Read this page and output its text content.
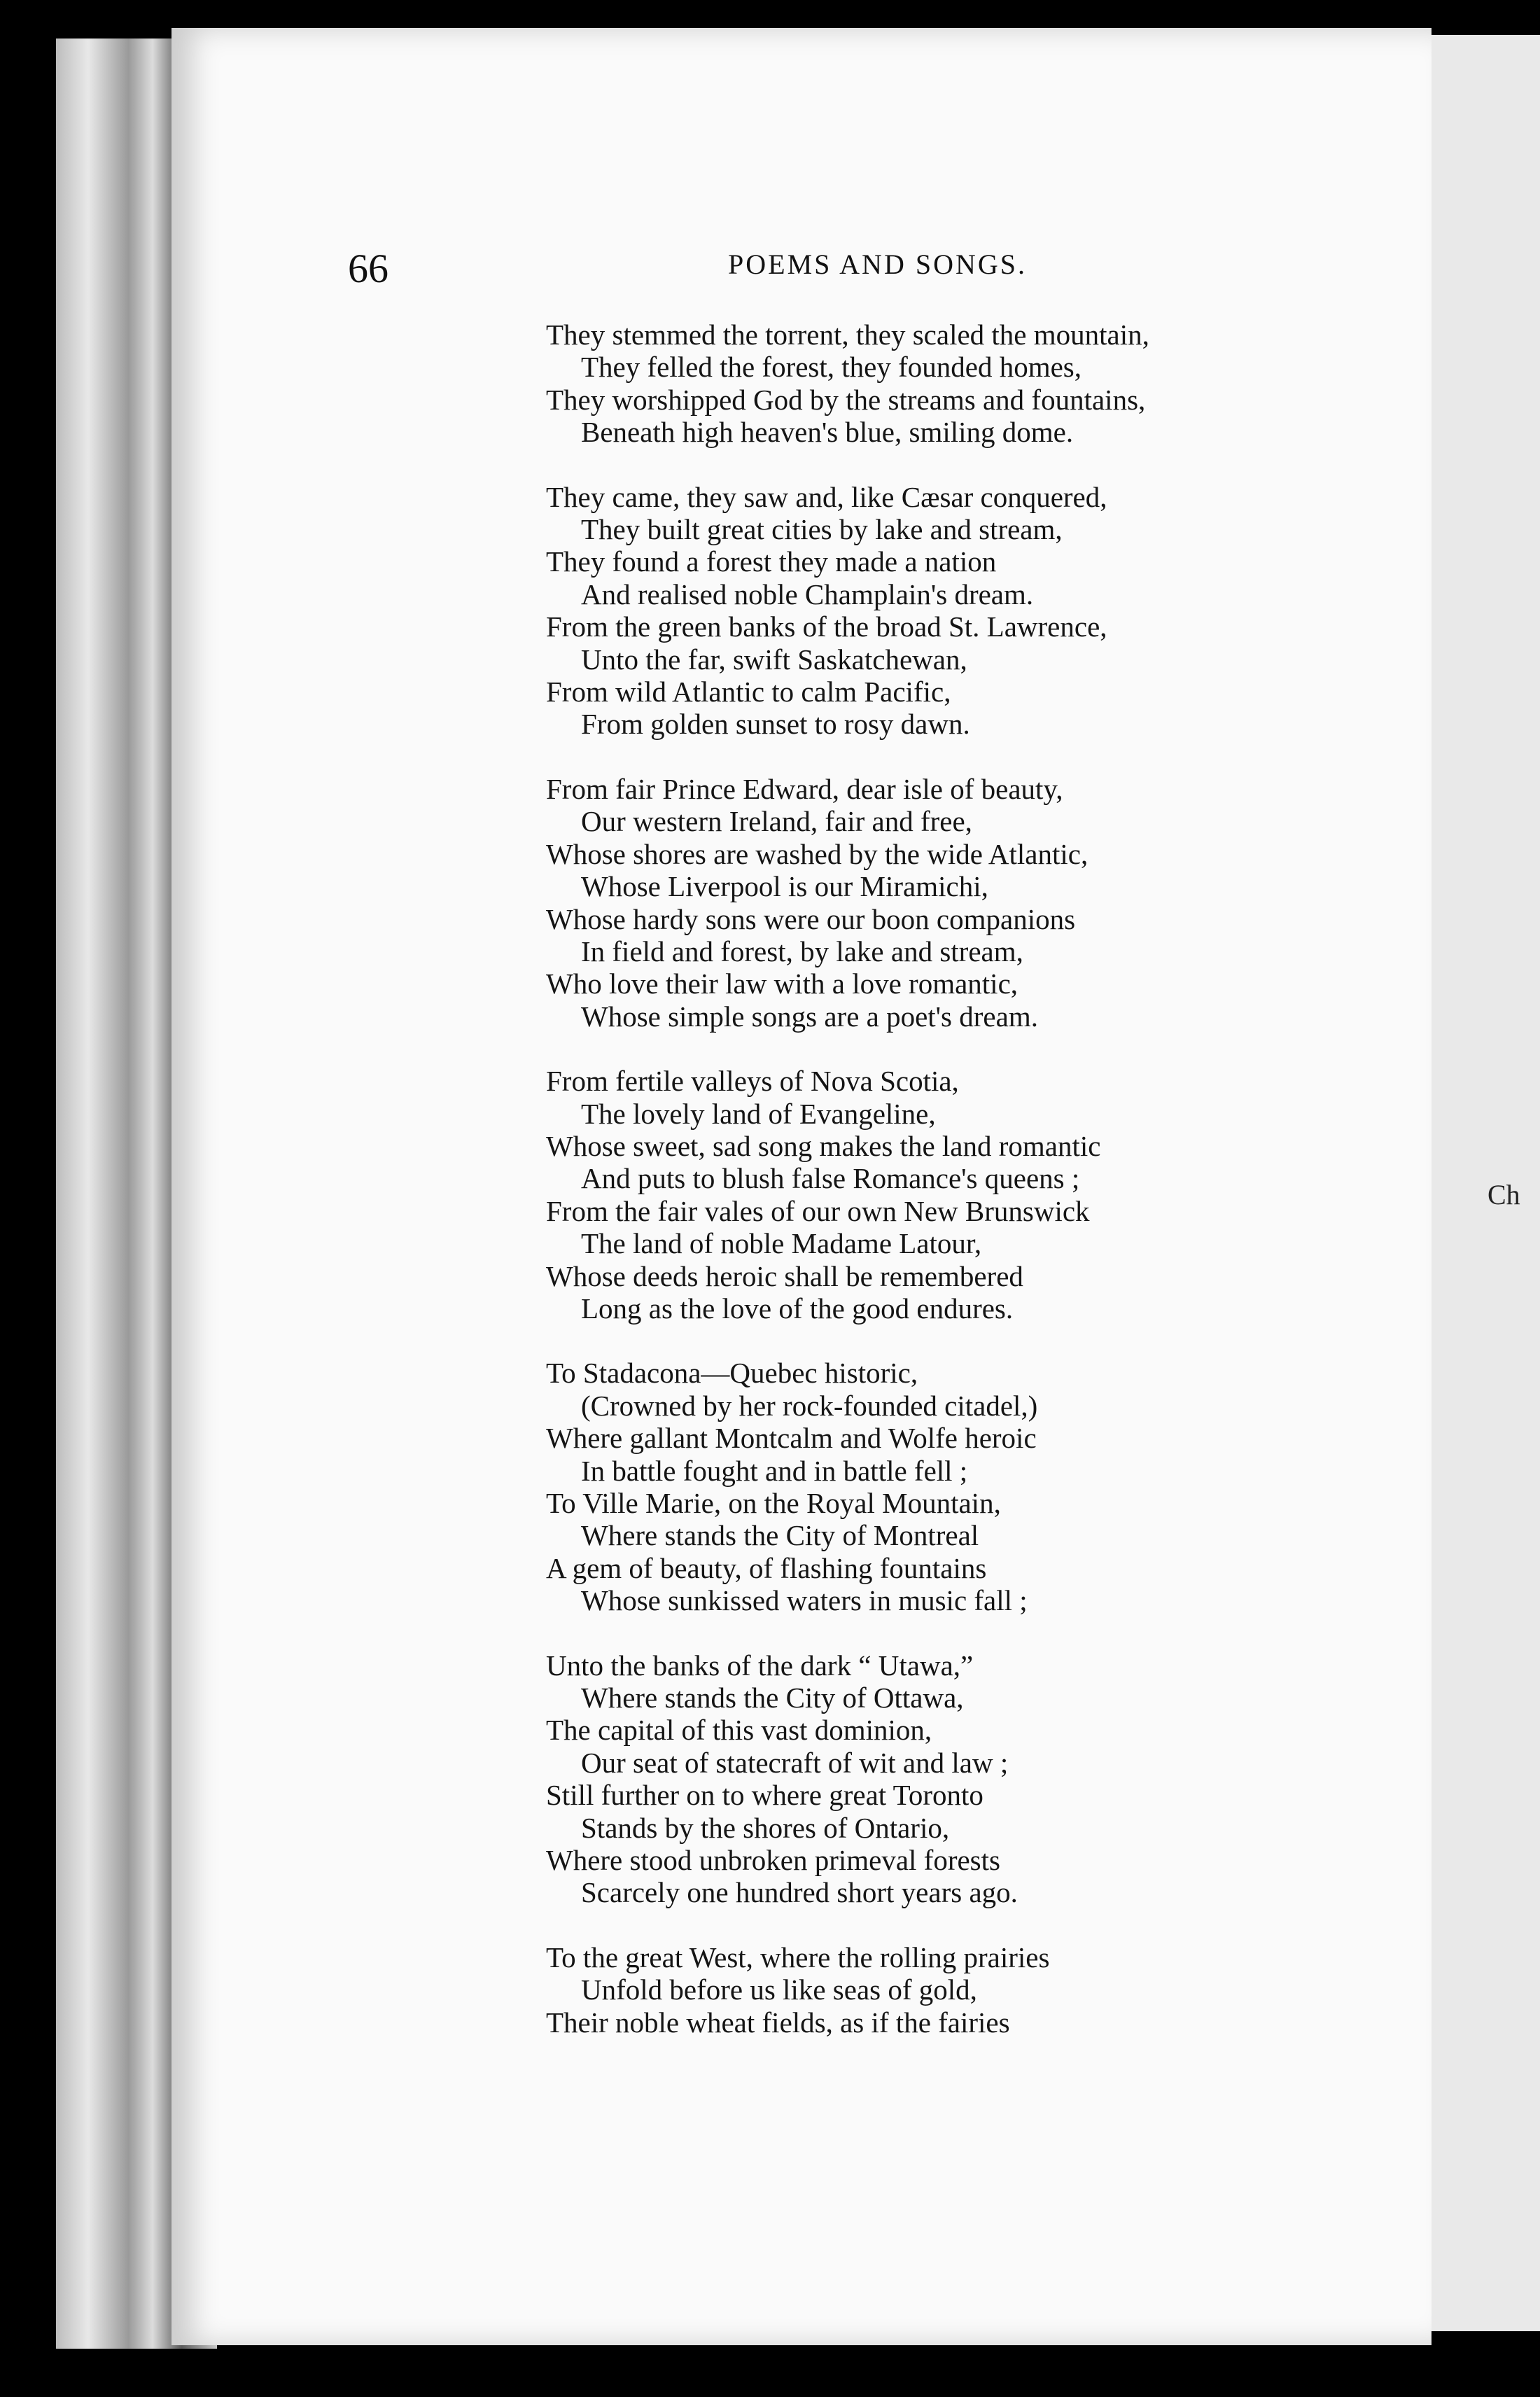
Ch
66	POEMS AND SONGS.
They stemmed the torrent, they scaled the mountain,
They felled the forest, they founded homes,
They worshipped God by the streams and fountains,
Beneath high heaven's blue, smiling dome.
They came, they saw and, like Cæsar conquered,
They built great cities by lake and stream,
They found a forest they made a nation
And realised noble Champlain's dream.
From the green banks of the broad St. Lawrence,
Unto the far, swift Saskatchewan,
From wild Atlantic to calm Pacific,
From golden sunset to rosy dawn.
From fair Prince Edward, dear isle of beauty,
Our western Ireland, fair and free,
Whose shores are washed by the wide Atlantic,
Whose Liverpool is our Miramichi,
Whose hardy sons were our boon companions
In field and forest, by lake and stream,
Who love their law with a love romantic,
Whose simple songs are a poet's dream.
From fertile valleys of Nova Scotia,
The lovely land of Evangeline,
Whose sweet, sad song makes the land romantic
And puts to blush false Romance's queens ;
From the fair vales of our own New Brunswick
The land of noble Madame Latour,
Whose deeds heroic shall be remembered
Long as the love of the good endures.
To Stadacona—Quebec historic,
(Crowned by her rock-founded citadel,)
Where gallant Montcalm and Wolfe heroic
In battle fought and in battle fell ;
To Ville Marie, on the Royal Mountain,
Where stands the City of Montreal
A gem of beauty, of flashing fountains
Whose sunkissed waters in music fall ;
Unto the banks of the dark “ Utawa,”
Where stands the City of Ottawa,
The capital of this vast dominion,
Our seat of statecraft of wit and law ;
Still further on to where great Toronto
Stands by the shores of Ontario,
Where stood unbroken primeval forests
Scarcely one hundred short years ago.
To the great West, where the rolling prairies
Unfold before us like seas of gold,
Their noble wheat fields, as if the fairies
